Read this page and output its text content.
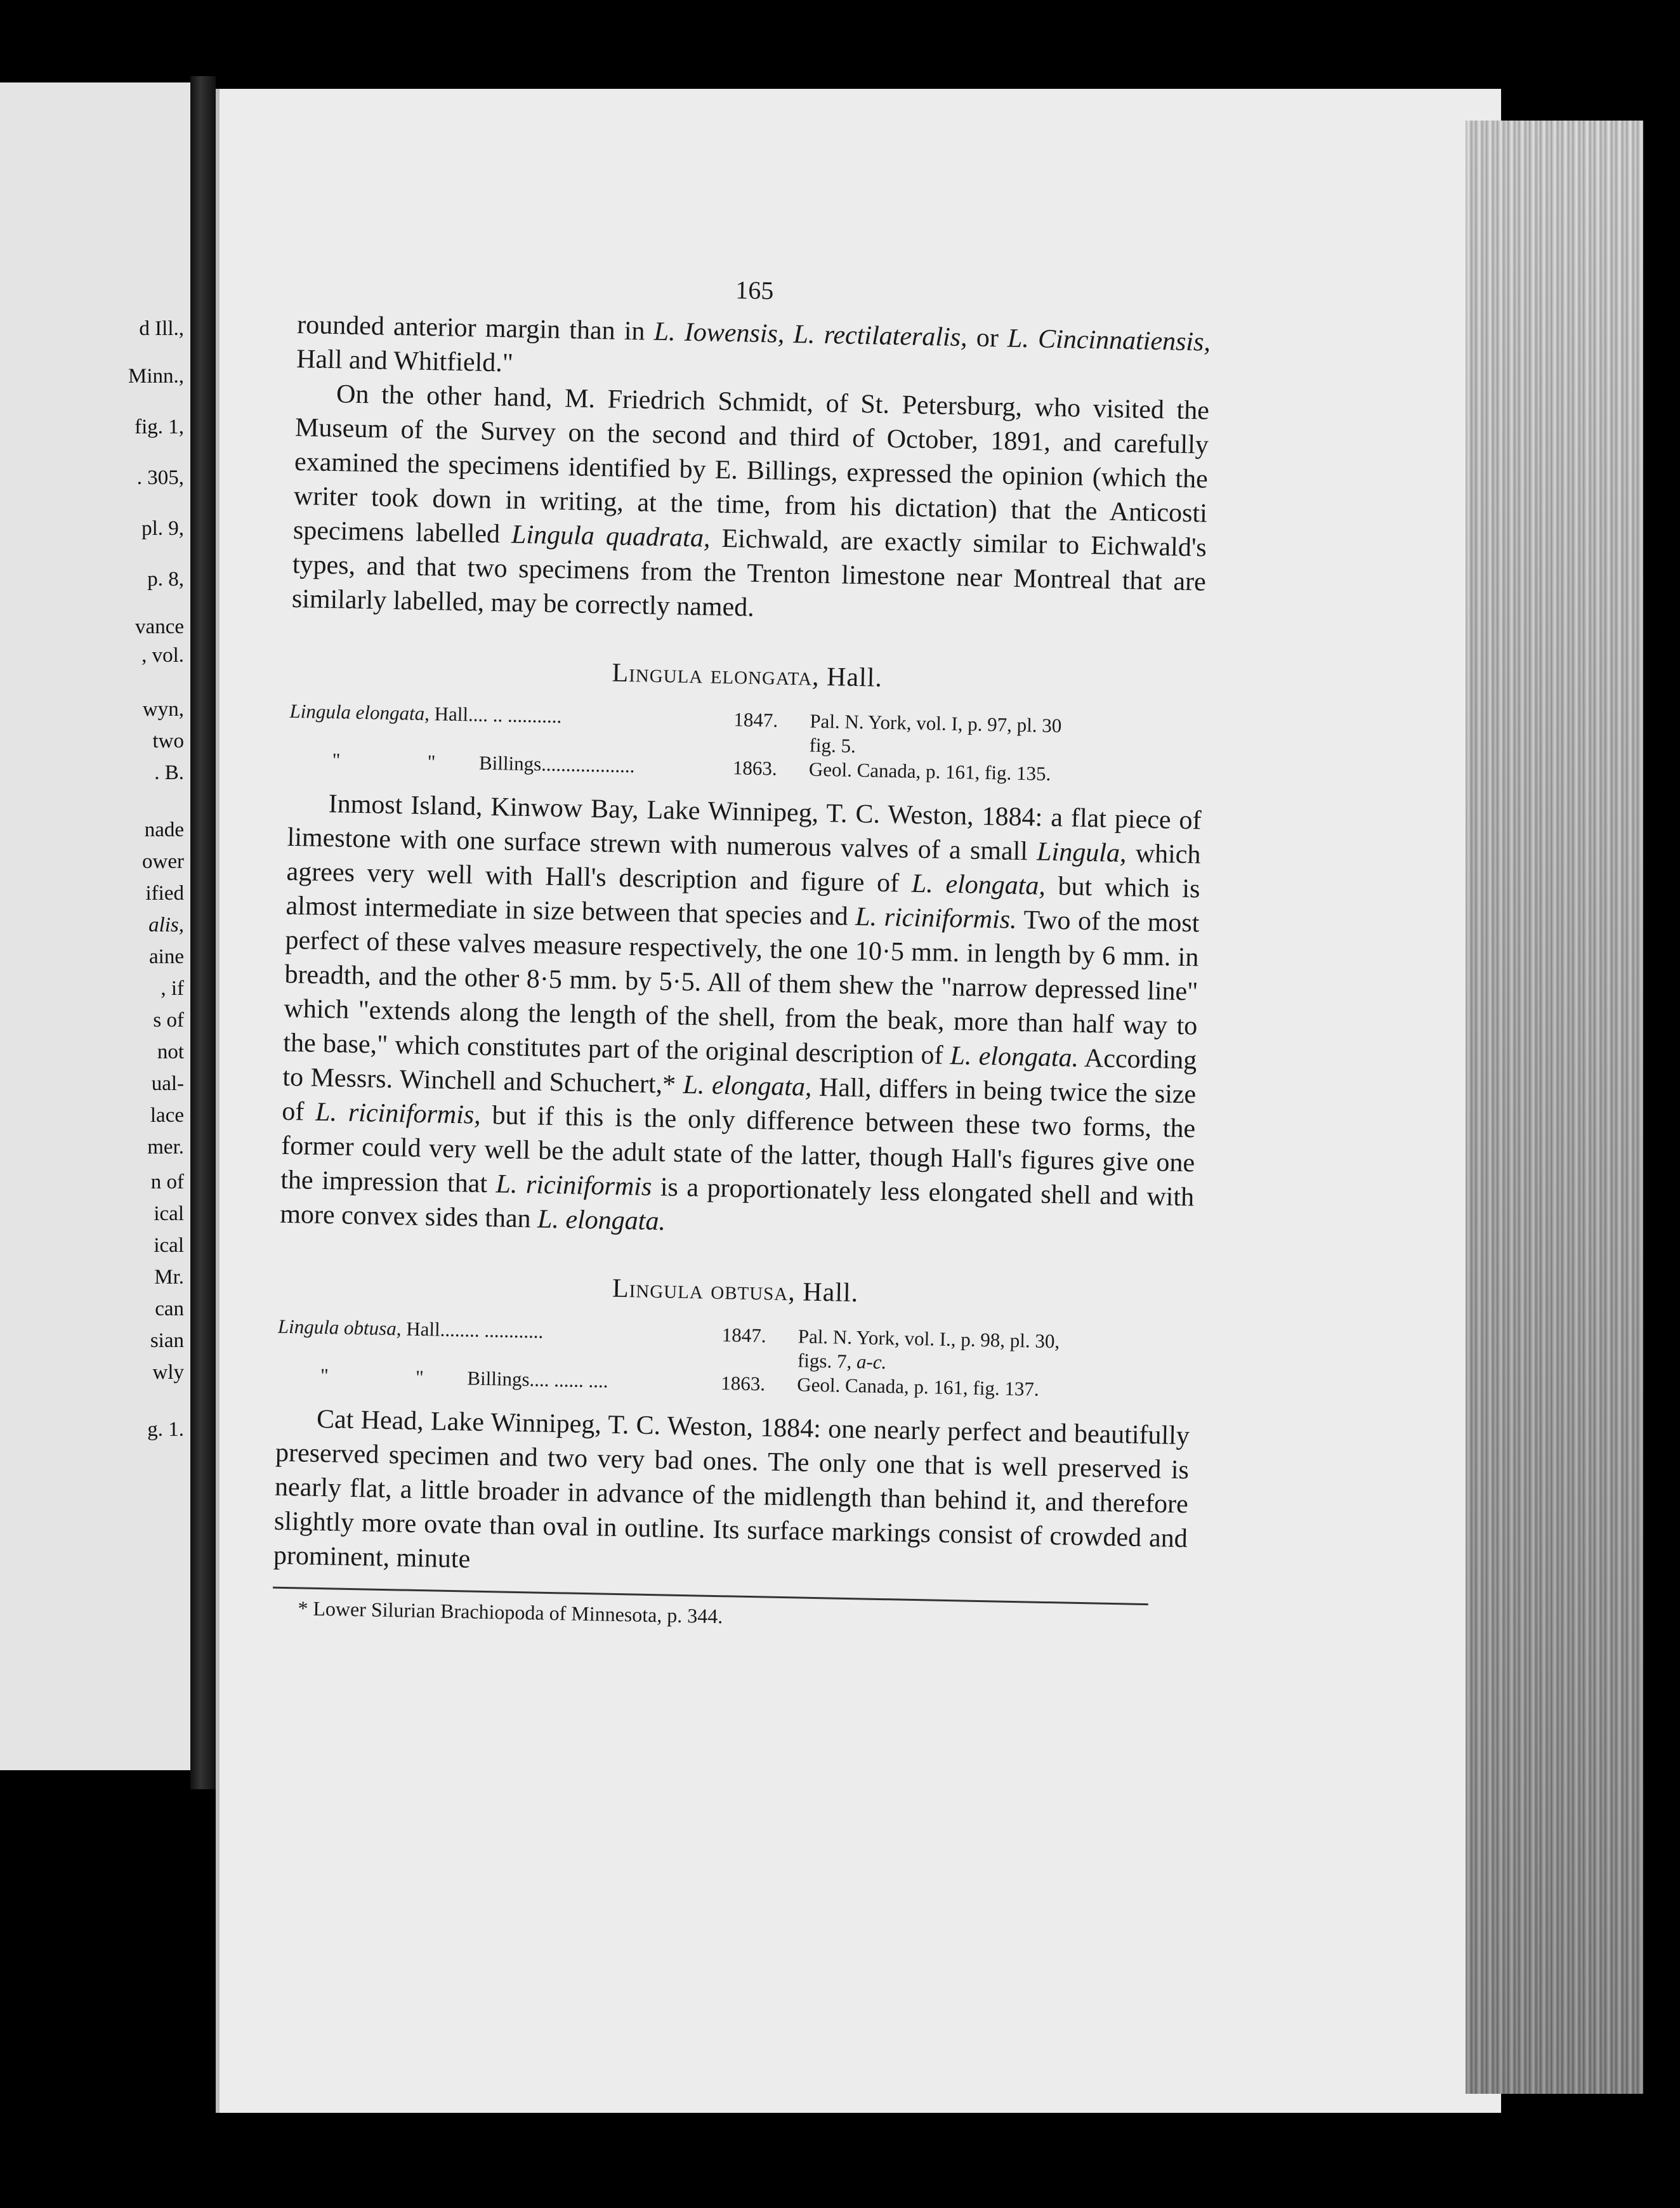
d Ill.,
Minn.,
fig. 1,
. 305,
pl. 9,
p. 8,
vance
, vol.
wyn,
two
. B.
nade
ower
ified
alis,
aine
, if
s of
not
ual-
lace
mer.
n of
ical
ical
Mr.
can
sian
wly
g. 1.
165

rounded anterior margin than in L. Iowensis, L. rectilateralis, or L. Cincinnatiensis, Hall and Whitfield."

On the other hand, M. Friedrich Schmidt, of St. Petersburg, who visited the Museum of the Survey on the second and third of October, 1891, and carefully examined the specimens identified by E. Billings, expressed the opinion (which the writer took down in writing, at the time, from his dictation) that the Anticosti specimens labelled Lingula quadrata, Eichwald, are exactly similar to Eichwald's types, and that two specimens from the Trenton limestone near Montreal that are similarly labelled, may be correctly named.

Lingula elongata, Hall.
Lingula elongata, Hall.... .. ...........	1847.	Pal. N. York, vol. I, p. 97, pl. 30
fig. 5.
"	" Billings...................	1863.	Geol. Canada, p. 161, fig. 135.

Inmost Island, Kinwow Bay, Lake Winnipeg, T. C. Weston, 1884: a flat piece of limestone with one surface strewn with numerous valves of a small Lingula, which agrees very well with Hall's description and figure of L. elongata, but which is almost intermediate in size between that species and L. riciniformis. Two of the most perfect of these valves measure respectively, the one 10·5 mm. in length by 6 mm. in breadth, and the other 8·5 mm. by 5·5. All of them shew the "narrow depressed line" which "extends along the length of the shell, from the beak, more than half way to the base," which constitutes part of the original description of L. elongata. According to Messrs. Winchell and Schuchert,* L. elongata, Hall, differs in being twice the size of L. riciniformis, but if this is the only difference between these two forms, the former could very well be the adult state of the latter, though Hall's figures give one the impression that L. riciniformis is a proportionately less elongated shell and with more convex sides than L. elongata.

Lingula obtusa, Hall.
Lingula obtusa, Hall........ ............	1847.	Pal. N. York, vol. I., p. 98, pl. 30,
figs. 7, a-c.
"	" Billings.... ...... ....	1863.	Geol. Canada, p. 161, fig. 137.

Cat Head, Lake Winnipeg, T. C. Weston, 1884: one nearly perfect and beautifully preserved specimen and two very bad ones. The only one that is well preserved is nearly flat, a little broader in advance of the midlength than behind it, and therefore slightly more ovate than oval in outline. Its surface markings consist of crowded and prominent, minute

* Lower Silurian Brachiopoda of Minnesota, p. 344.
